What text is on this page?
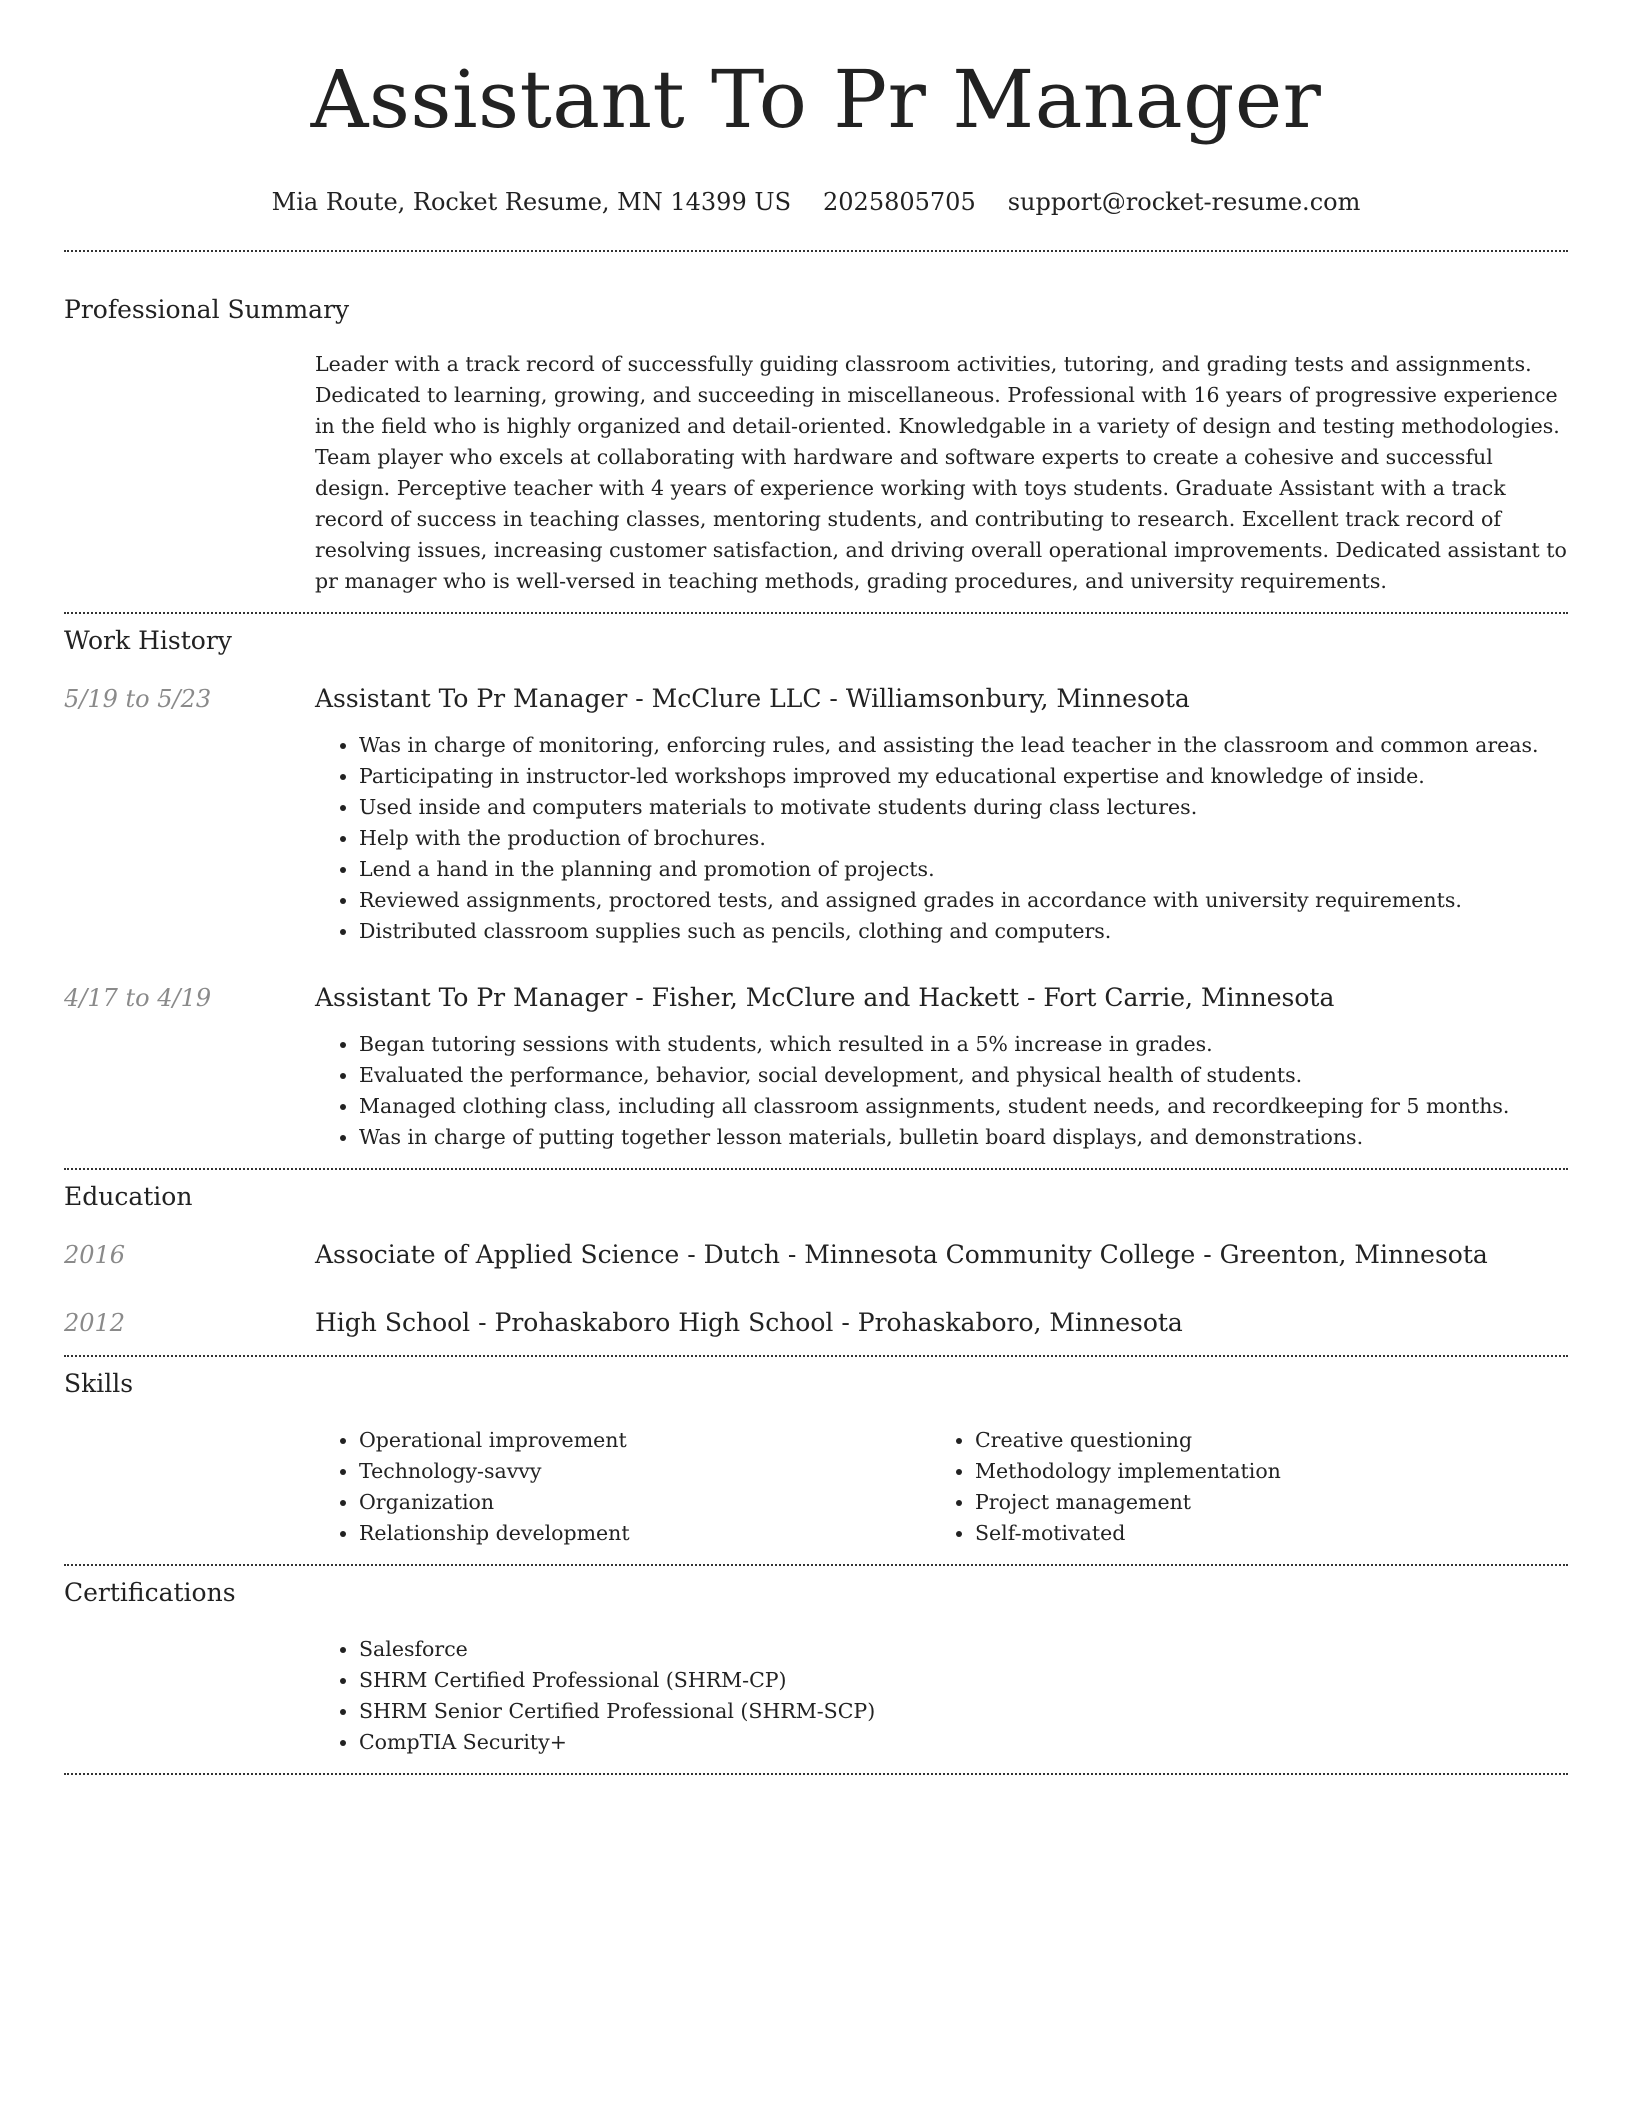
Assistant To Pr Manager
Mia Route, Rocket Resume, MN 14399 US 2025805705 support@rocket-resume.com
Professional Summary

Leader with a track record of successfully guiding classroom activities, tutoring, and grading tests and assignments. Dedicated to learning, growing, and succeeding in miscellaneous. Professional with 16 years of progressive experience in the field who is highly organized and detail-oriented. Knowledgable in a variety of design and testing methodologies. Team player who excels at collaborating with hardware and software experts to create a cohesive and successful design. Perceptive teacher with 4 years of experience working with toys students. Graduate Assistant with a track record of success in teaching classes, mentoring students, and contributing to research. Excellent track record of resolving issues, increasing customer satisfaction, and driving overall operational improvements. Dedicated assistant to pr manager who is well-versed in teaching methods, grading procedures, and university requirements.

Work History
5/19 to 5/23	Assistant To Pr Manager - McClure LLC - Williamsonbury, Minnesota
• Was in charge of monitoring, enforcing rules, and assisting the lead teacher in the classroom and common areas.
• Participating in instructor-led workshops improved my educational expertise and knowledge of inside.
• Used inside and computers materials to motivate students during class lectures.
• Help with the production of brochures.
• Lend a hand in the planning and promotion of projects.
• Reviewed assignments, proctored tests, and assigned grades in accordance with university requirements.
• Distributed classroom supplies such as pencils, clothing and computers.
4/17 to 4/19	Assistant To Pr Manager - Fisher, McClure and Hackett - Fort Carrie, Minnesota
• Began tutoring sessions with students, which resulted in a 5% increase in grades.
• Evaluated the performance, behavior, social development, and physical health of students.
• Managed clothing class, including all classroom assignments, student needs, and recordkeeping for 5 months.
• Was in charge of putting together lesson materials, bulletin board displays, and demonstrations.
Education
2016	Associate of Applied Science - Dutch - Minnesota Community College - Greenton, Minnesota
2012	High School - Prohaskaboro High School - Prohaskaboro, Minnesota
Skills
• Operational improvement
• Technology-savvy
• Organization
• Relationship development
• Creative questioning
• Methodology implementation
• Project management
• Self-motivated
Certifications
• Salesforce
• SHRM Certified Professional (SHRM-CP)
• SHRM Senior Certified Professional (SHRM-SCP)
• CompTIA Security+
